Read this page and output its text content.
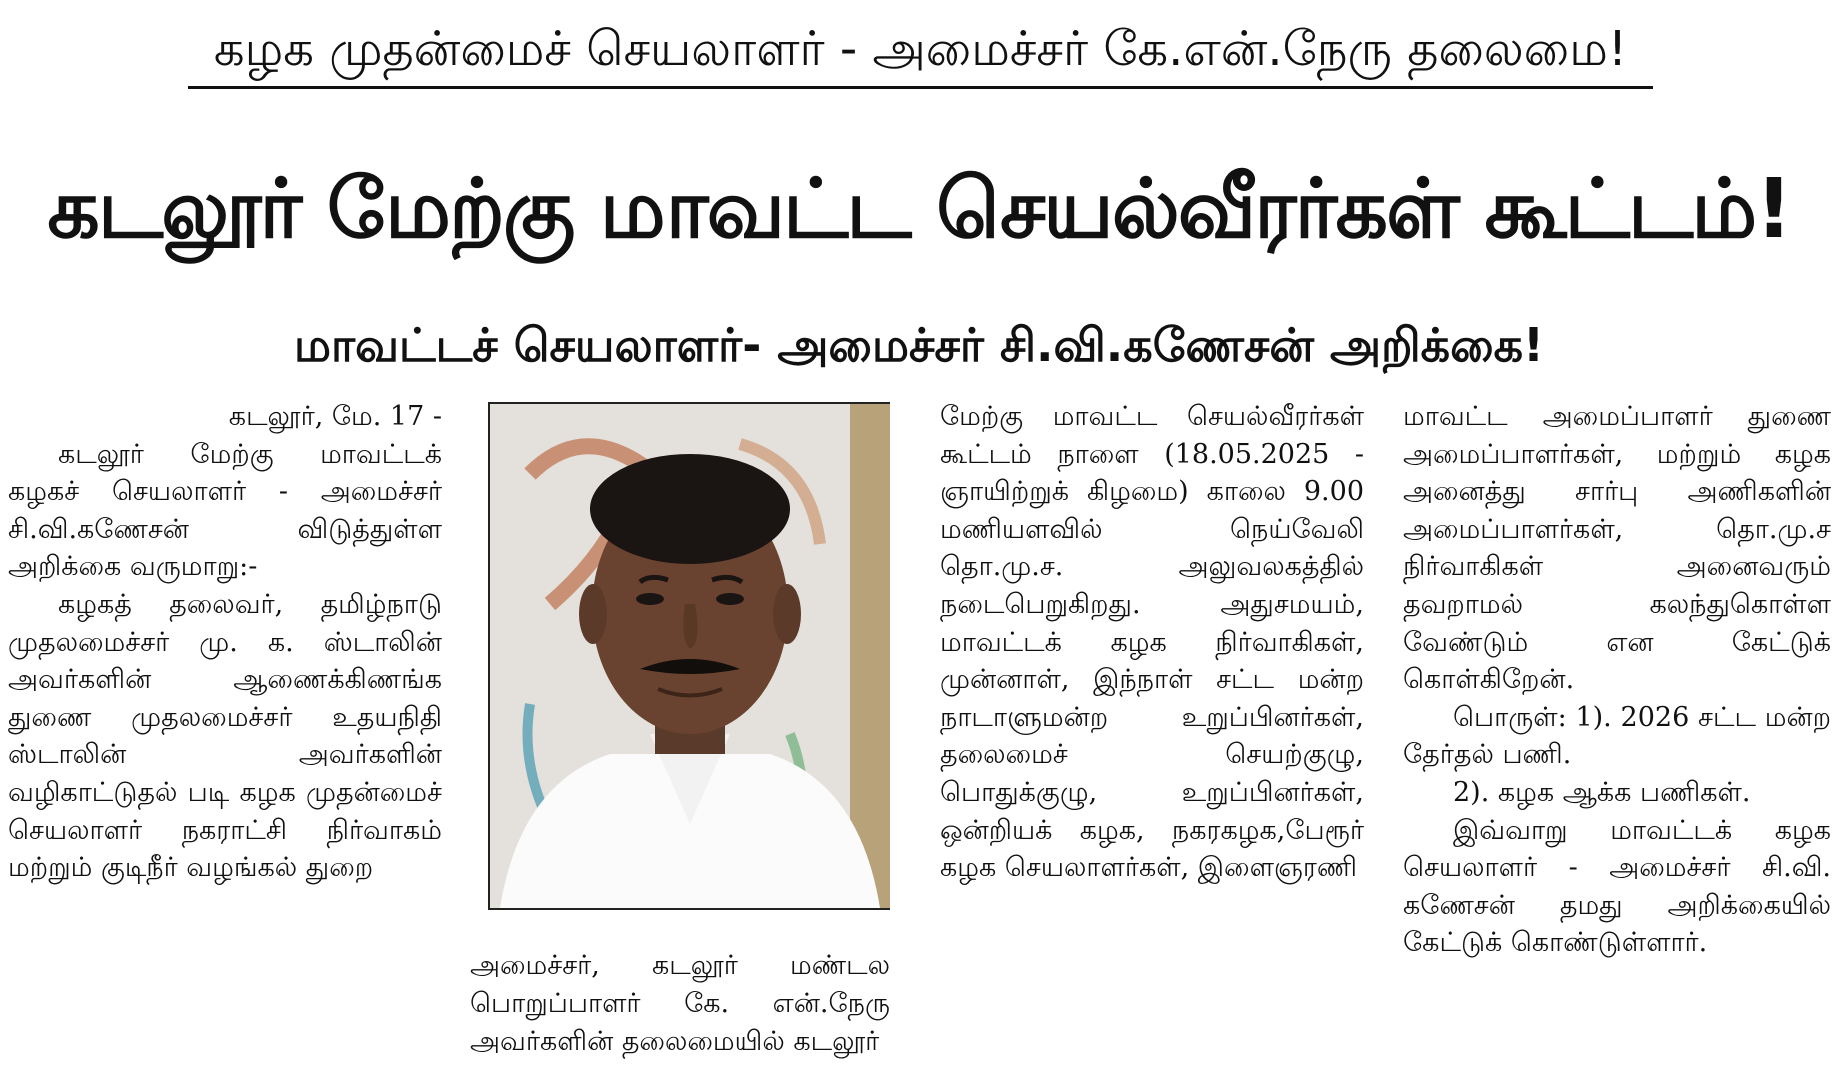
கழக முதன்மைச் செயலாளர் - அமைச்சர் கே.என்.நேரு தலைமை!
கடலூர் மேற்கு மாவட்ட செயல்வீரர்கள் கூட்டம்!
மாவட்டச் செயலாளர்- அமைச்சர் சி.வி.கணேசன் அறிக்கை!

கடலூர், மே. 17 -

கடலூர் மேற்கு மாவட்டக் கழகச் செயலாளர் - அமைச்சர் சி.வி.கணேசன் விடுத்துள்ள அறிக்கை வருமாறு:-

கழகத் தலைவர், தமிழ்நாடு முதலமைச்சர் மு. க. ஸ்டாலின் அவர்களின் ஆணைக்கிணங்க துணை முதலமைச்சர் உதயநிதி ஸ்டாலின் அவர்களின் வழிகாட்டுதல் படி கழக முதன்மைச் செயலாளர் நகராட்சி நிர்வாகம் மற்றும் குடிநீர் வழங்கல் துறை

அமைச்சர், கடலூர் மண்டல பொறுப்பாளர் கே. என்.நேரு அவர்களின் தலைமையில் கடலூர்

மேற்கு மாவட்ட செயல்வீரர்கள் கூட்டம் நாளை (18.05.2025 - ஞாயிற்றுக் கிழமை) காலை 9.00 மணியளவில் நெய்வேலி தொ.மு.ச. அலுவலகத்தில் நடைபெறுகிறது. அதுசமயம், மாவட்டக் கழக நிர்வாகிகள், முன்னாள், இந்நாள் சட்ட மன்ற நாடாளுமன்ற உறுப்பினர்கள், தலைமைச் செயற்குழு, பொதுக்குழு, உறுப்பினர்கள், ஒன்றியக் கழக, நகரகழக,பேரூர் கழக செயலாளர்கள், இளைஞரணி

மாவட்ட அமைப்பாளர் துணை அமைப்பாளர்கள், மற்றும் கழக அனைத்து சார்பு அணிகளின் அமைப்பாளர்கள், தொ.மு.ச நிர்வாகிகள் அனைவரும் தவறாமல் கலந்துகொள்ள வேண்டும் என கேட்டுக் கொள்கிறேன்.

பொருள்: 1). 2026 சட்ட மன்ற தேர்தல் பணி.

2). கழக ஆக்க பணிகள்.

இவ்வாறு மாவட்டக் கழக செயலாளர் - அமைச்சர் சி.வி. கணேசன் தமது அறிக்கையில் கேட்டுக் கொண்டுள்ளார்.
